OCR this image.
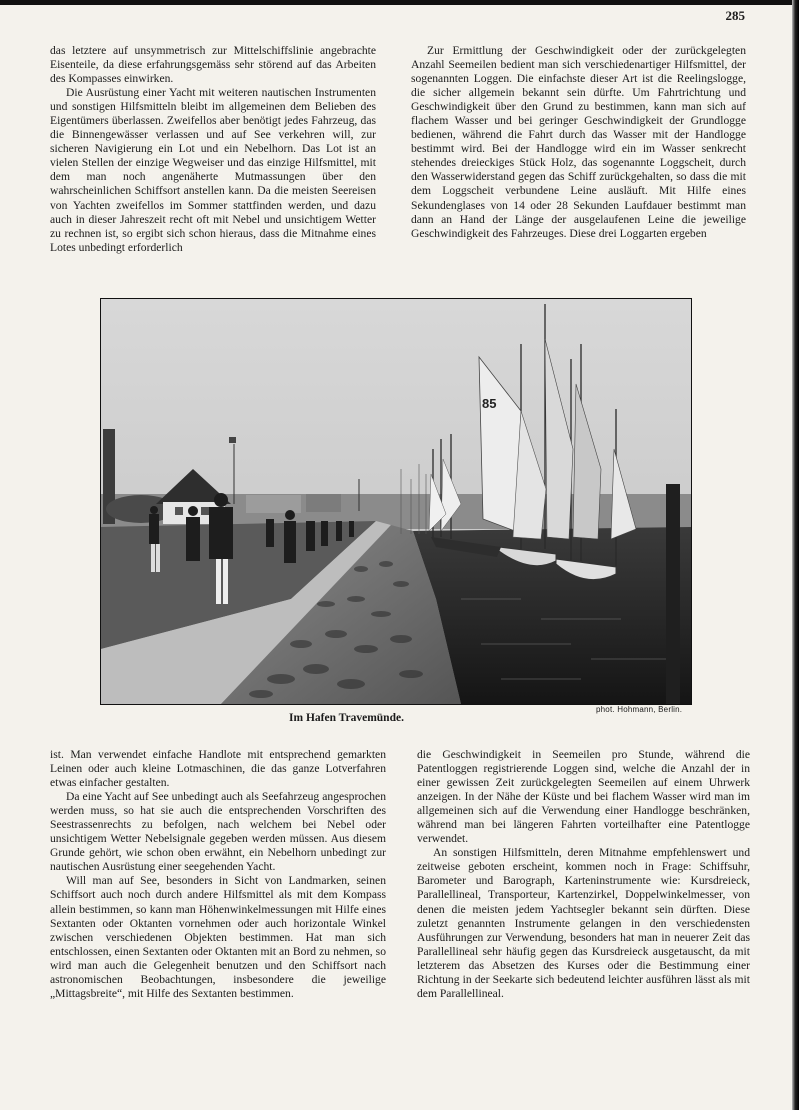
285

das letztere auf unsymmetrisch zur Mittelschiffslinie angebrachte Eisenteile, da diese erfahrungsgemäss sehr störend auf das Arbeiten des Kompasses einwirken.

Die Ausrüstung einer Yacht mit weiteren nautischen Instrumenten und sonstigen Hilfsmitteln bleibt im allgemeinen dem Belieben des Eigentümers überlassen. Zweifellos aber benötigt jedes Fahrzeug, das die Binnengewässer verlassen und auf See verkehren will, zur sicheren Navigierung ein Lot und ein Nebelhorn. Das Lot ist an vielen Stellen der einzige Wegweiser und das einzige Hilfsmittel, mit dem man noch angenäherte Mutmassungen über den wahrscheinlichen Schiffsort anstellen kann. Da die meisten Seereisen von Yachten zweifellos im Sommer stattfinden werden, und dazu auch in dieser Jahreszeit recht oft mit Nebel und unsichtigem Wetter zu rechnen ist, so ergibt sich schon hieraus, dass die Mitnahme eines Lotes unbedingt erforderlich

Zur Ermittlung der Geschwindigkeit oder der zurückgelegten Anzahl Seemeilen bedient man sich verschiedenartiger Hilfsmittel, der sogenannten Loggen. Die einfachste dieser Art ist die Reelingslogge, die sicher allgemein bekannt sein dürfte. Um Fahrtrichtung und Geschwindigkeit über den Grund zu bestimmen, kann man sich auf flachem Wasser und bei geringer Geschwindigkeit der Grundlogge bedienen, während die Fahrt durch das Wasser mit der Handlogge bestimmt wird. Bei der Handlogge wird ein im Wasser senkrecht stehendes dreieckiges Stück Holz, das sogenannte Loggscheit, durch den Wasserwiderstand gegen das Schiff zurückgehalten, so dass die mit dem Loggscheit verbundene Leine ausläuft. Mit Hilfe eines Sekundenglases von 14 oder 28 Sekunden Laufdauer bestimmt man dann an Hand der Länge der ausgelaufenen Leine die jeweilige Geschwindigkeit des Fahrzeuges. Diese drei Loggarten ergeben

85
Im Hafen Travemünde.
phot. Hohmann, Berlin.

ist. Man verwendet einfache Handlote mit entsprechend gemarkten Leinen oder auch kleine Lotmaschinen, die das ganze Lotverfahren etwas einfacher gestalten.

Da eine Yacht auf See unbedingt auch als Seefahrzeug angesprochen werden muss, so hat sie auch die entsprechenden Vorschriften des Seestrassenrechts zu befolgen, nach welchem bei Nebel oder unsichtigem Wetter Nebelsignale gegeben werden müssen. Aus diesem Grunde gehört, wie schon oben erwähnt, ein Nebelhorn unbedingt zur nautischen Ausrüstung einer seegehenden Yacht.

Will man auf See, besonders in Sicht von Landmarken, seinen Schiffsort auch noch durch andere Hilfsmittel als mit dem Kompass allein bestimmen, so kann man Höhenwinkelmessungen mit Hilfe eines Sextanten oder Oktanten vornehmen oder auch horizontale Winkel zwischen verschiedenen Objekten bestimmen. Hat man sich entschlossen, einen Sextanten oder Oktanten mit an Bord zu nehmen, so wird man auch die Gelegenheit benutzen und den Schiffsort nach astronomischen Beobachtungen, insbesondere die jeweilige „Mittagsbreite“, mit Hilfe des Sextanten bestimmen.

die Geschwindigkeit in Seemeilen pro Stunde, während die Patentloggen registrierende Loggen sind, welche die Anzahl der in einer gewissen Zeit zurückgelegten Seemeilen auf einem Uhrwerk anzeigen. In der Nähe der Küste und bei flachem Wasser wird man im allgemeinen sich auf die Verwendung einer Handlogge beschränken, während man bei längeren Fahrten vorteilhafter eine Patentlogge verwendet.

An sonstigen Hilfsmitteln, deren Mitnahme empfehlenswert und zeitweise geboten erscheint, kommen noch in Frage: Schiffsuhr, Barometer und Barograph, Karteninstrumente wie: Kursdreieck, Parallellineal, Transporteur, Kartenzirkel, Doppelwinkelmesser, von denen die meisten jedem Yachtsegler bekannt sein dürften. Diese zuletzt genannten Instrumente gelangen in den verschiedensten Ausführungen zur Verwendung, besonders hat man in neuerer Zeit das Parallellineal sehr häufig gegen das Kursdreieck ausgetauscht, da mit letzterem das Absetzen des Kurses oder die Bestimmung einer Richtung in der Seekarte sich bedeutend leichter ausführen lässt als mit dem Parallellineal.
